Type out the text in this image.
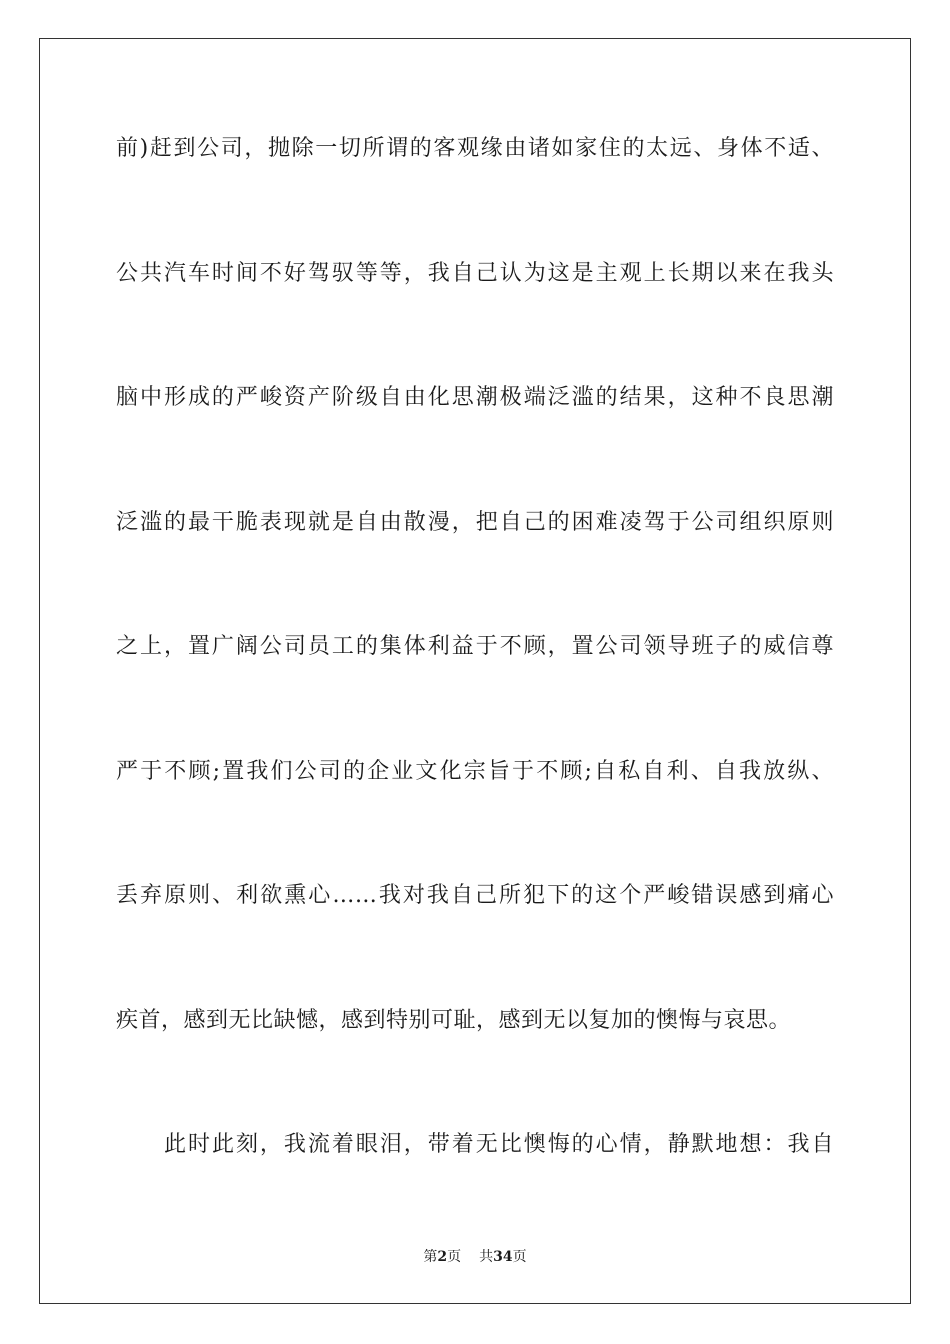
前)赶到公司，抛除一切所谓的客观缘由诸如家住的太远、身体不适、
公共汽车时间不好驾驭等等，我自己认为这是主观上长期以来在我头
脑中形成的严峻资产阶级自由化思潮极端泛滥的结果，这种不良思潮
泛滥的最干脆表现就是自由散漫，把自己的困难凌驾于公司组织原则
之上，置广阔公司员工的集体利益于不顾，置公司领导班子的威信尊
严于不顾;置我们公司的企业文化宗旨于不顾;自私自利、自我放纵、
丢弃原则、利欲熏心……我对我自己所犯下的这个严峻错误感到痛心
疾首，感到无比缺憾，感到特别可耻，感到无以复加的懊悔与哀思。
此时此刻，我流着眼泪，带着无比懊悔的心情，静默地想：我自
第2页 共34页
